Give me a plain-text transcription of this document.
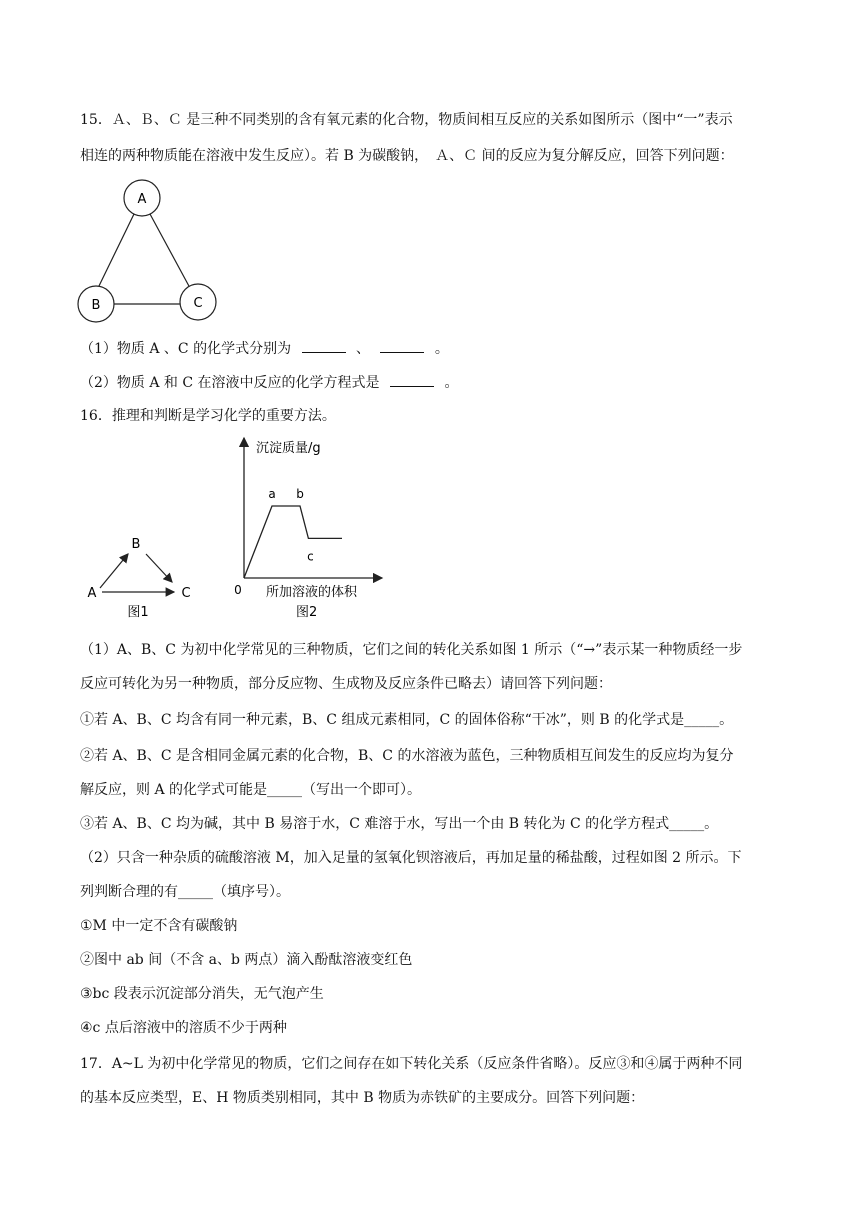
15．Ａ、Ｂ、Ｃ 是三种不同类别的含有氧元素的化合物，物质间相互反应的关系如图所示（图中“一”表示
相连的两种物质能在溶液中发生反应）。若 B 为碳酸钠，　Ａ、Ｃ 间的反应为复分解反应，回答下列问题：
A
B	C
（1）物质 A 、C 的化学式分别为	、	。
（2）物质 A 和 C 在溶液中反应的化学方程式是	。
16．推理和判断是学习化学的重要方法。
B
A	C
图1
沉淀质量/g
0 所加溶液的体积
图2
a b
c
（1）A、B、C 为初中化学常见的三种物质，它们之间的转化关系如图 1 所示（“→”表示某一种物质经一步
反应可转化为另一种物质，部分反应物、生成物及反应条件已略去）请回答下列问题：
①若 A、B、C 均含有同一种元素，B、C 组成元素相同，C 的固体俗称“干冰”，则 B 的化学式是_____。
②若 A、B、C 是含相同金属元素的化合物，B、C 的水溶液为蓝色，三种物质相互间发生的反应均为复分
解反应，则 A 的化学式可能是_____（写出一个即可）。
③若 A、B、C 均为碱，其中 B 易溶于水，C 难溶于水，写出一个由 B 转化为 C 的化学方程式_____。
（2）只含一种杂质的硫酸溶液 M，加入足量的氢氧化钡溶液后，再加足量的稀盐酸，过程如图 2 所示。下
列判断合理的有_____（填序号）。
①M 中一定不含有碳酸钠
②图中 ab 间（不含 a、b 两点）滴入酚酞溶液变红色
③bc 段表示沉淀部分消失，无气泡产生
④c 点后溶液中的溶质不少于两种
17．A~L 为初中化学常见的物质，它们之间存在如下转化关系（反应条件省略）。反应③和④属于两种不同
的基本反应类型，E、H 物质类别相同，其中 B 物质为赤铁矿的主要成分。回答下列问题：
